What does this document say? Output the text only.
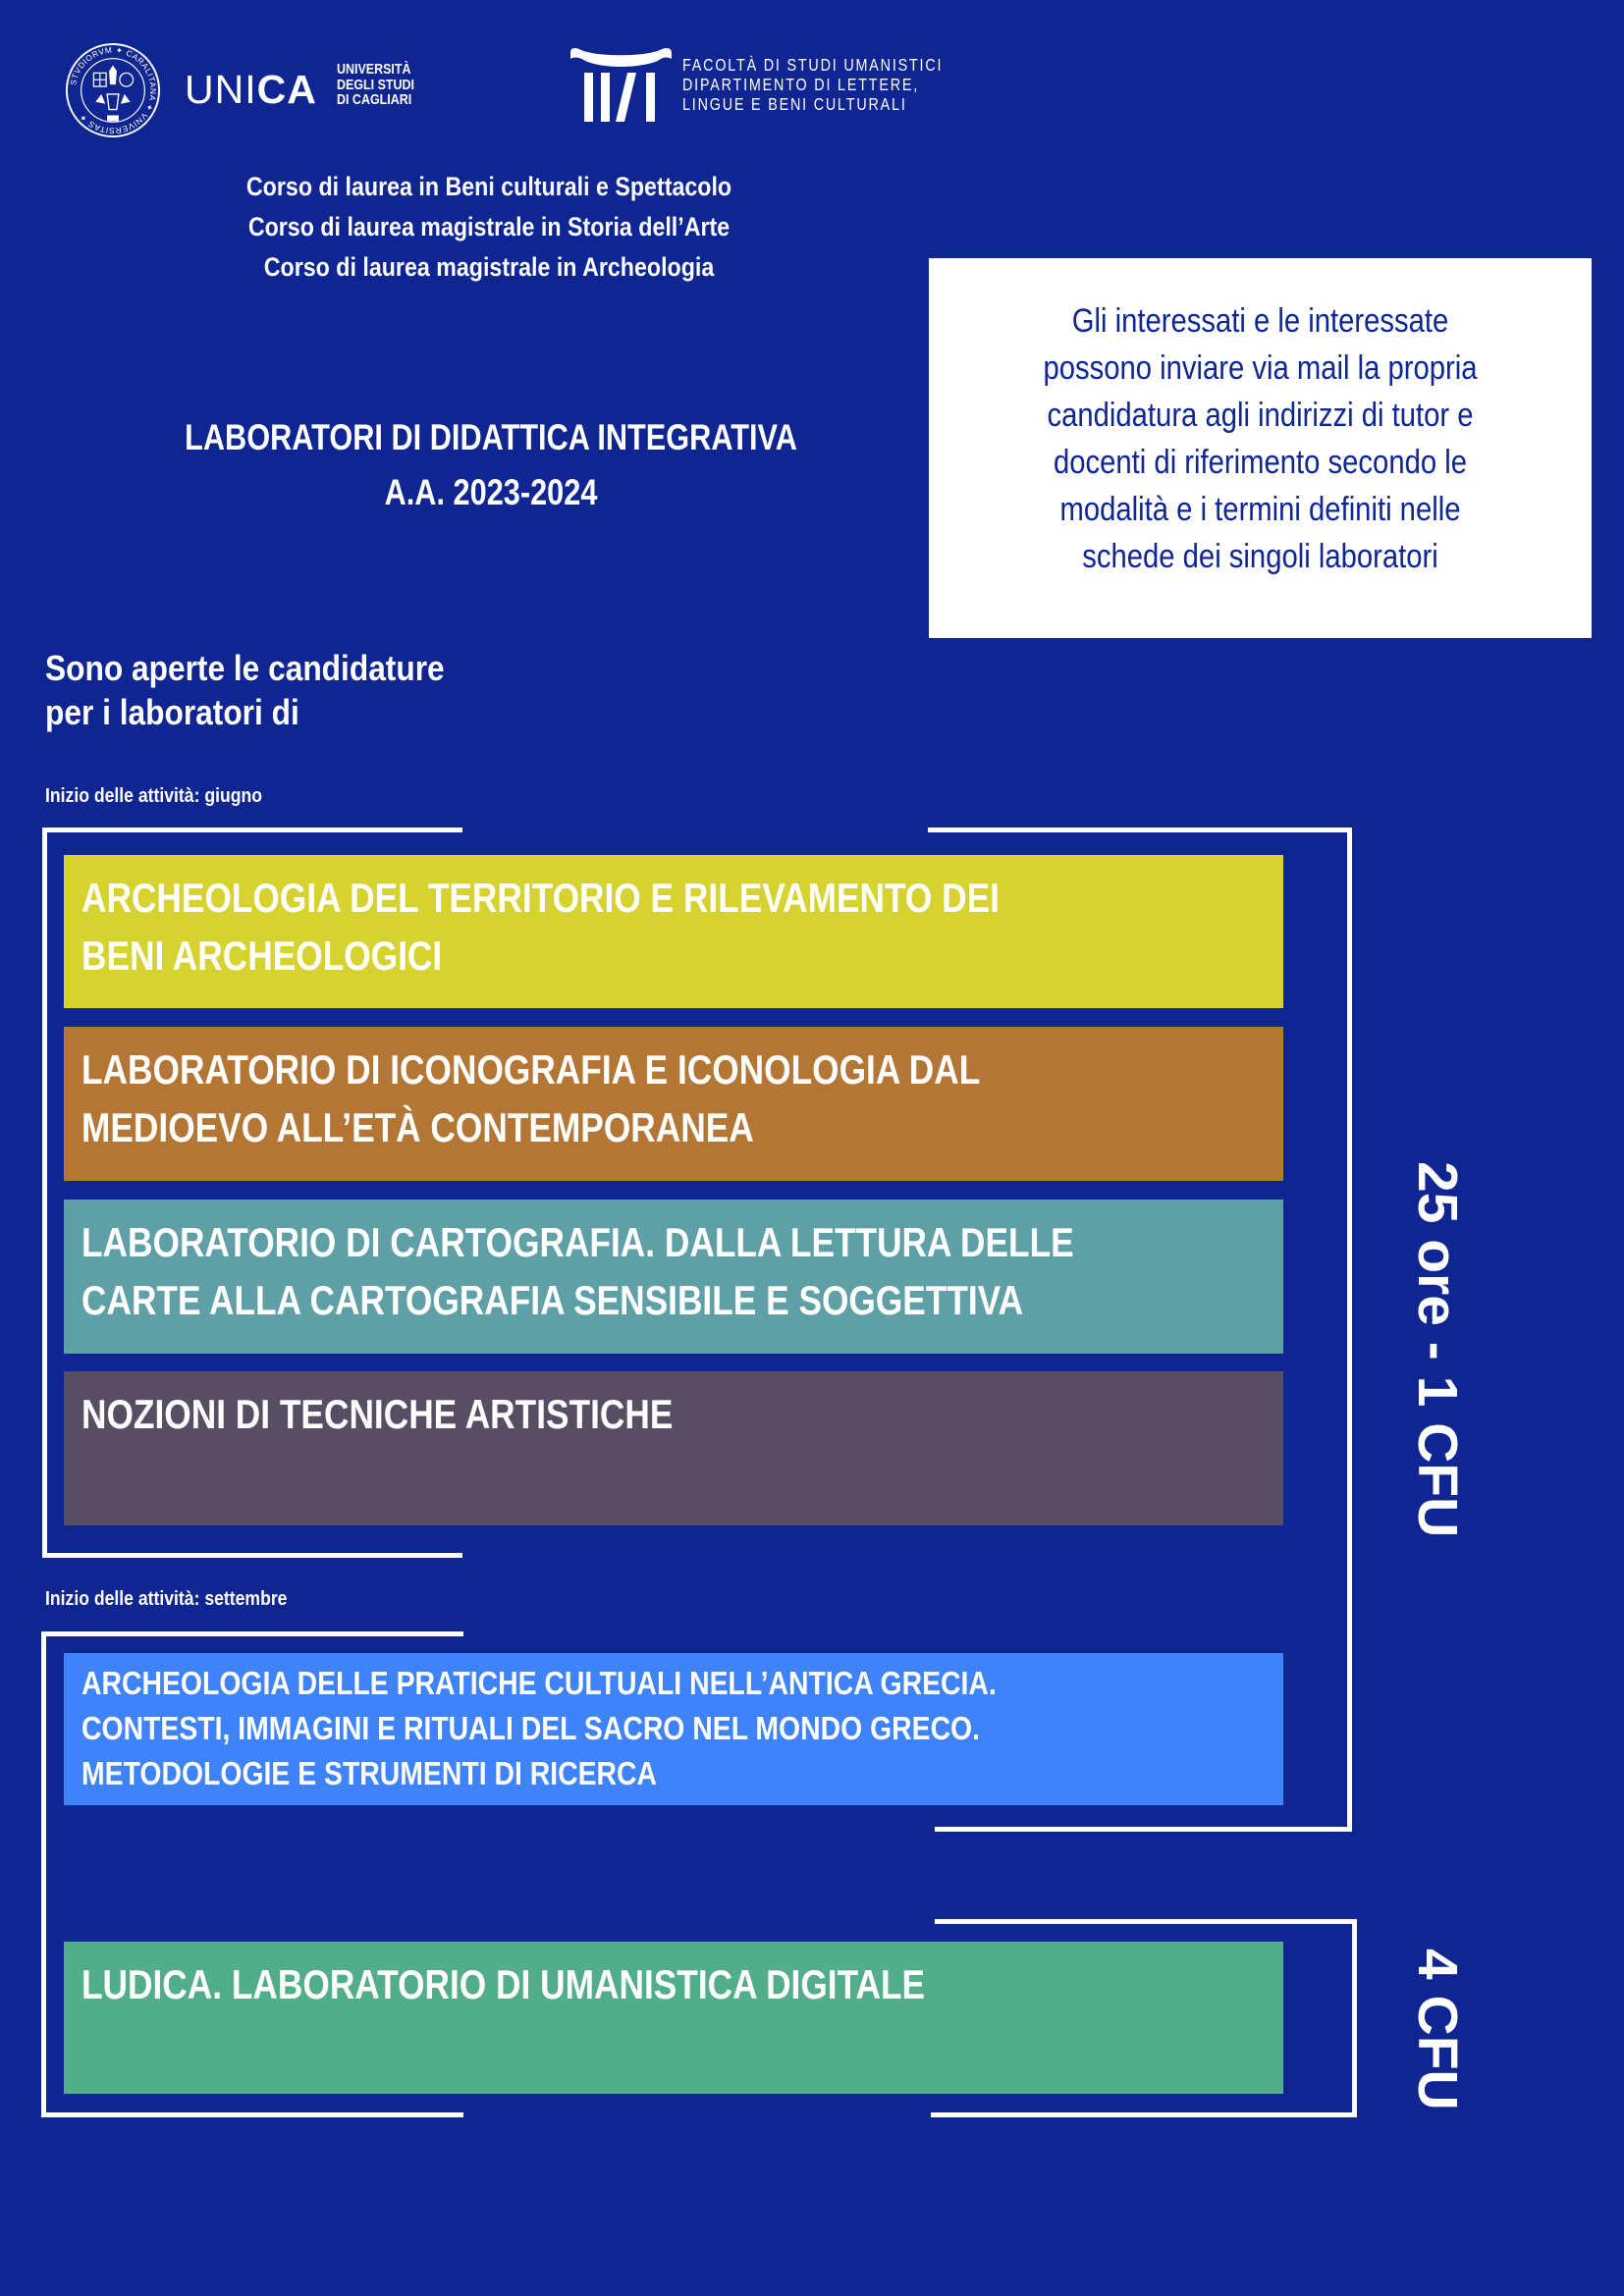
STVDIORVM ✦ CARALITANA ✦ VNIVERSITAS ✦
UNICA UNIVERSITÀ
DEGLI STUDI
DI CAGLIARI
FACOLTÀ DI STUDI UMANISTICI
DIPARTIMENTO DI LETTERE,
LINGUE E BENI CULTURALI
Corso di laurea in Beni culturali e Spettacolo
Corso di laurea magistrale in Storia dell’Arte
Corso di laurea magistrale in Archeologia
LABORATORI DI DIDATTICA INTEGRATIVA
A.A. 2023-2024
Gli interessati e le interessate
possono inviare via mail la propria
candidatura agli indirizzi di tutor e
docenti di riferimento secondo le
modalità e i termini definiti nelle
schede dei singoli laboratori
Sono aperte le candidature
per i laboratori di
Inizio delle attività: giugno
ARCHEOLOGIA DEL TERRITORIO E RILEVAMENTO DEI
BENI ARCHEOLOGICI
LABORATORIO DI ICONOGRAFIA E ICONOLOGIA DAL
MEDIOEVO ALL’ETÀ CONTEMPORANEA
LABORATORIO DI CARTOGRAFIA. DALLA LETTURA DELLE
CARTE ALLA CARTOGRAFIA SENSIBILE E SOGGETTIVA
NOZIONI DI TECNICHE ARTISTICHE
Inizio delle attività: settembre
ARCHEOLOGIA DELLE PRATICHE CULTUALI NELL’ANTICA GRECIA.
CONTESTI, IMMAGINI E RITUALI DEL SACRO NEL MONDO GRECO.
METODOLOGIE E STRUMENTI DI RICERCA
LUDICA. LABORATORIO DI UMANISTICA DIGITALE
25 ore - 1 CFU
4 CFU
